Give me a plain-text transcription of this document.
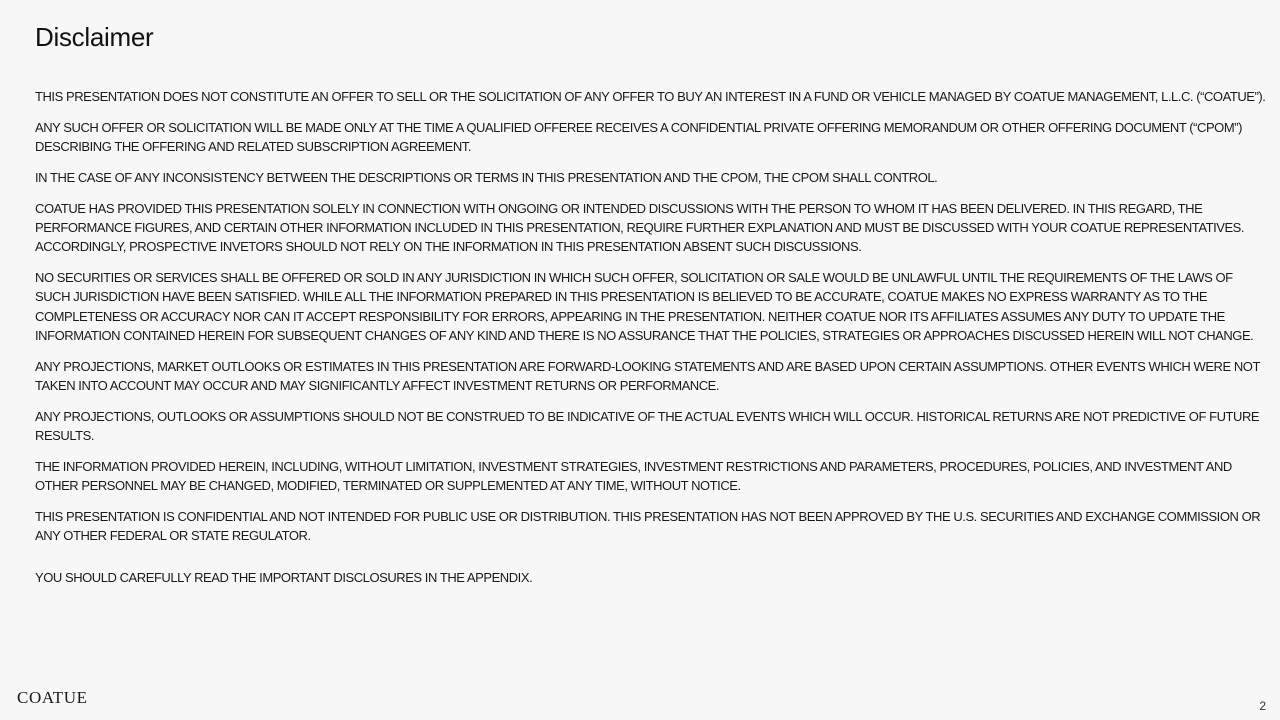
Disclaimer

THIS PRESENTATION DOES NOT CONSTITUTE AN OFFER TO SELL OR THE SOLICITATION OF ANY OFFER TO BUY AN INTEREST IN A FUND OR VEHICLE MANAGED BY COATUE MANAGEMENT, L.L.C. (“COATUE”).

ANY SUCH OFFER OR SOLICITATION WILL BE MADE ONLY AT THE TIME A QUALIFIED OFFEREE RECEIVES A CONFIDENTIAL PRIVATE OFFERING MEMORANDUM OR OTHER OFFERING DOCUMENT (“CPOM”) DESCRIBING THE OFFERING AND RELATED SUBSCRIPTION AGREEMENT.

IN THE CASE OF ANY INCONSISTENCY BETWEEN THE DESCRIPTIONS OR TERMS IN THIS PRESENTATION AND THE CPOM, THE CPOM SHALL CONTROL.

COATUE HAS PROVIDED THIS PRESENTATION SOLELY IN CONNECTION WITH ONGOING OR INTENDED DISCUSSIONS WITH THE PERSON TO WHOM IT HAS BEEN DELIVERED. IN THIS REGARD, THE PERFORMANCE FIGURES, AND CERTAIN OTHER INFORMATION INCLUDED IN THIS PRESENTATION, REQUIRE FURTHER EXPLANATION AND MUST BE DISCUSSED WITH YOUR COATUE REPRESENTATIVES. ACCORDINGLY, PROSPECTIVE INVETORS SHOULD NOT RELY ON THE INFORMATION IN THIS PRESENTATION ABSENT SUCH DISCUSSIONS.

NO SECURITIES OR SERVICES SHALL BE OFFERED OR SOLD IN ANY JURISDICTION IN WHICH SUCH OFFER, SOLICITATION OR SALE WOULD BE UNLAWFUL UNTIL THE REQUIREMENTS OF THE LAWS OF SUCH JURISDICTION HAVE BEEN SATISFIED. WHILE ALL THE INFORMATION PREPARED IN THIS PRESENTATION IS BELIEVED TO BE ACCURATE, COATUE MAKES NO EXPRESS WARRANTY AS TO THE COMPLETENESS OR ACCURACY NOR CAN IT ACCEPT RESPONSIBILITY FOR ERRORS, APPEARING IN THE PRESENTATION. NEITHER COATUE NOR ITS AFFILIATES ASSUMES ANY DUTY TO UPDATE THE INFORMATION CONTAINED HEREIN FOR SUBSEQUENT CHANGES OF ANY KIND AND THERE IS NO ASSURANCE THAT THE POLICIES, STRATEGIES OR APPROACHES DISCUSSED HEREIN WILL NOT CHANGE.

ANY PROJECTIONS, MARKET OUTLOOKS OR ESTIMATES IN THIS PRESENTATION ARE FORWARD-LOOKING STATEMENTS AND ARE BASED UPON CERTAIN ASSUMPTIONS. OTHER EVENTS WHICH WERE NOT TAKEN INTO ACCOUNT MAY OCCUR AND MAY SIGNIFICANTLY AFFECT INVESTMENT RETURNS OR PERFORMANCE.

ANY PROJECTIONS, OUTLOOKS OR ASSUMPTIONS SHOULD NOT BE CONSTRUED TO BE INDICATIVE OF THE ACTUAL EVENTS WHICH WILL OCCUR. HISTORICAL RETURNS ARE NOT PREDICTIVE OF FUTURE RESULTS.

THE INFORMATION PROVIDED HEREIN, INCLUDING, WITHOUT LIMITATION, INVESTMENT STRATEGIES, INVESTMENT RESTRICTIONS AND PARAMETERS, PROCEDURES, POLICIES, AND INVESTMENT AND OTHER PERSONNEL MAY BE CHANGED, MODIFIED, TERMINATED OR SUPPLEMENTED AT ANY TIME, WITHOUT NOTICE.

THIS PRESENTATION IS CONFIDENTIAL AND NOT INTENDED FOR PUBLIC USE OR DISTRIBUTION. THIS PRESENTATION HAS NOT BEEN APPROVED BY THE U.S. SECURITIES AND EXCHANGE COMMISSION OR ANY OTHER FEDERAL OR STATE REGULATOR.

YOU SHOULD CAREFULLY READ THE IMPORTANT DISCLOSURES IN THE APPENDIX.

COATUE	2
